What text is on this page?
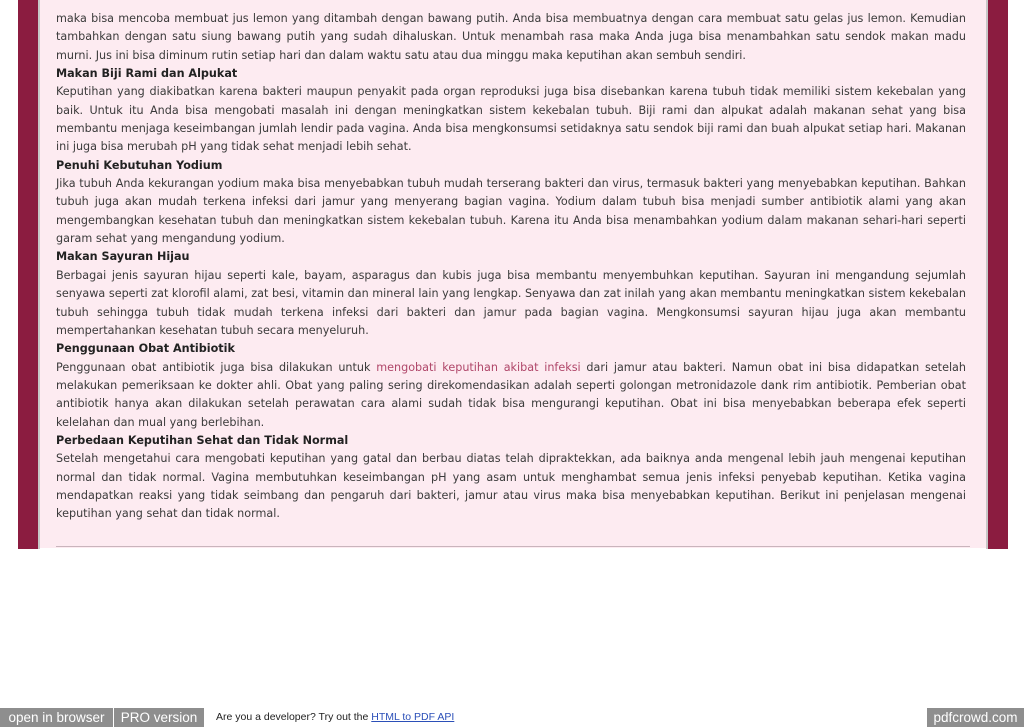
maka bisa mencoba membuat jus lemon yang ditambah dengan bawang putih. Anda bisa membuatnya dengan cara membuat satu gelas jus lemon. Kemudian tambahkan dengan satu siung bawang putih yang sudah dihaluskan. Untuk menambah rasa maka Anda juga bisa menambahkan satu sendok makan madu murni. Jus ini bisa diminum rutin setiap hari dan dalam waktu satu atau dua minggu maka keputihan akan sembuh sendiri.

Makan Biji Rami dan Alpukat

Keputihan yang diakibatkan karena bakteri maupun penyakit pada organ reproduksi juga bisa disebankan karena tubuh tidak memiliki sistem kekebalan yang baik. Untuk itu Anda bisa mengobati masalah ini dengan meningkatkan sistem kekebalan tubuh. Biji rami dan alpukat adalah makanan sehat yang bisa membantu menjaga keseimbangan jumlah lendir pada vagina. Anda bisa mengkonsumsi setidaknya satu sendok biji rami dan buah alpukat setiap hari. Makanan ini juga bisa merubah pH yang tidak sehat menjadi lebih sehat.

Penuhi Kebutuhan Yodium

Jika tubuh Anda kekurangan yodium maka bisa menyebabkan tubuh mudah terserang bakteri dan virus, termasuk bakteri yang menyebabkan keputihan. Bahkan tubuh juga akan mudah terkena infeksi dari jamur yang menyerang bagian vagina. Yodium dalam tubuh bisa menjadi sumber antibiotik alami yang akan mengembangkan kesehatan tubuh dan meningkatkan sistem kekebalan tubuh. Karena itu Anda bisa menambahkan yodium dalam makanan sehari-hari seperti garam sehat yang mengandung yodium.

Makan Sayuran Hijau

Berbagai jenis sayuran hijau seperti kale, bayam, asparagus dan kubis juga bisa membantu menyembuhkan keputihan. Sayuran ini mengandung sejumlah senyawa seperti zat klorofil alami, zat besi, vitamin dan mineral lain yang lengkap. Senyawa dan zat inilah yang akan membantu meningkatkan sistem kekebalan tubuh sehingga tubuh tidak mudah terkena infeksi dari bakteri dan jamur pada bagian vagina. Mengkonsumsi sayuran hijau juga akan membantu mempertahankan kesehatan tubuh secara menyeluruh.

Penggunaan Obat Antibiotik

Penggunaan obat antibiotik juga bisa dilakukan untuk mengobati keputihan akibat infeksi dari jamur atau bakteri. Namun obat ini bisa didapatkan setelah melakukan pemeriksaan ke dokter ahli. Obat yang paling sering direkomendasikan adalah seperti golongan metronidazole dank rim antibiotik. Pemberian obat antibiotik hanya akan dilakukan setelah perawatan cara alami sudah tidak bisa mengurangi keputihan. Obat ini bisa menyebabkan beberapa efek seperti kelelahan dan mual yang berlebihan.

Perbedaan Keputihan Sehat dan Tidak Normal

Setelah mengetahui cara mengobati keputihan yang gatal dan berbau diatas telah dipraktekkan, ada baiknya anda mengenal lebih jauh mengenai keputihan normal dan tidak normal. Vagina membutuhkan keseimbangan pH yang asam untuk menghambat semua jenis infeksi penyebab keputihan. Ketika vagina mendapatkan reaksi yang tidak seimbang dan pengaruh dari bakteri, jamur atau virus maka bisa menyebabkan keputihan. Berikut ini penjelasan mengenai keputihan yang sehat dan tidak normal.

open in browser	PRO version	Are you a developer? Try out the HTML to PDF API	pdfcrowd.com
